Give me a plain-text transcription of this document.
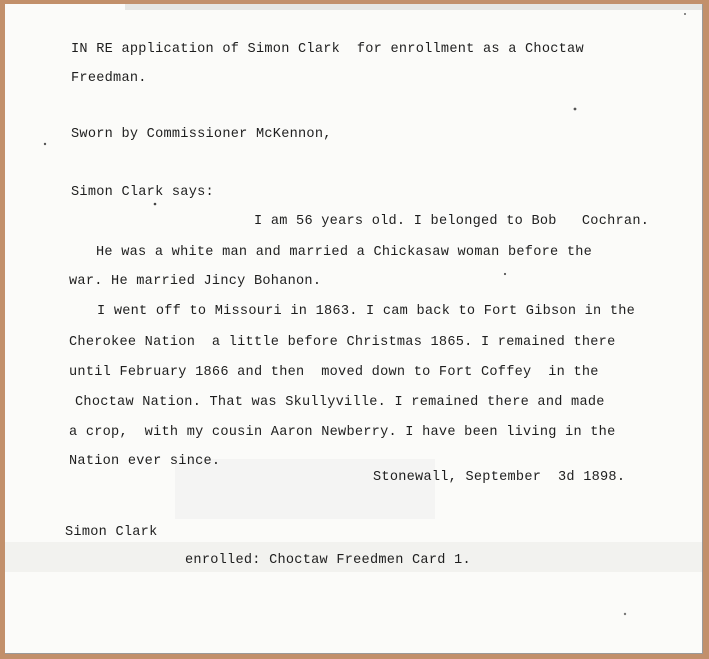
IN RE application of Simon Clark  for enrollment as a Choctaw
Freedman.
Sworn by Commissioner McKennon,
Simon Clark says:
I am 56 years old. I belonged to Bob   Cochran.
He was a white man and married a Chickasaw woman before the
war. He married Jincy Bohanon.
I went off to Missouri in 1863. I cam back to Fort Gibson in the
Cherokee Nation  a little before Christmas 1865. I remained there
until February 1866 and then  moved down to Fort Coffey  in the
Choctaw Nation. That was Skullyville. I remained there and made
a crop,  with my cousin Aaron Newberry. I have been living in the
Nation ever since.
Stonewall, September  3d 1898.
Simon Clark
enrolled: Choctaw Freedmen Card 1.
